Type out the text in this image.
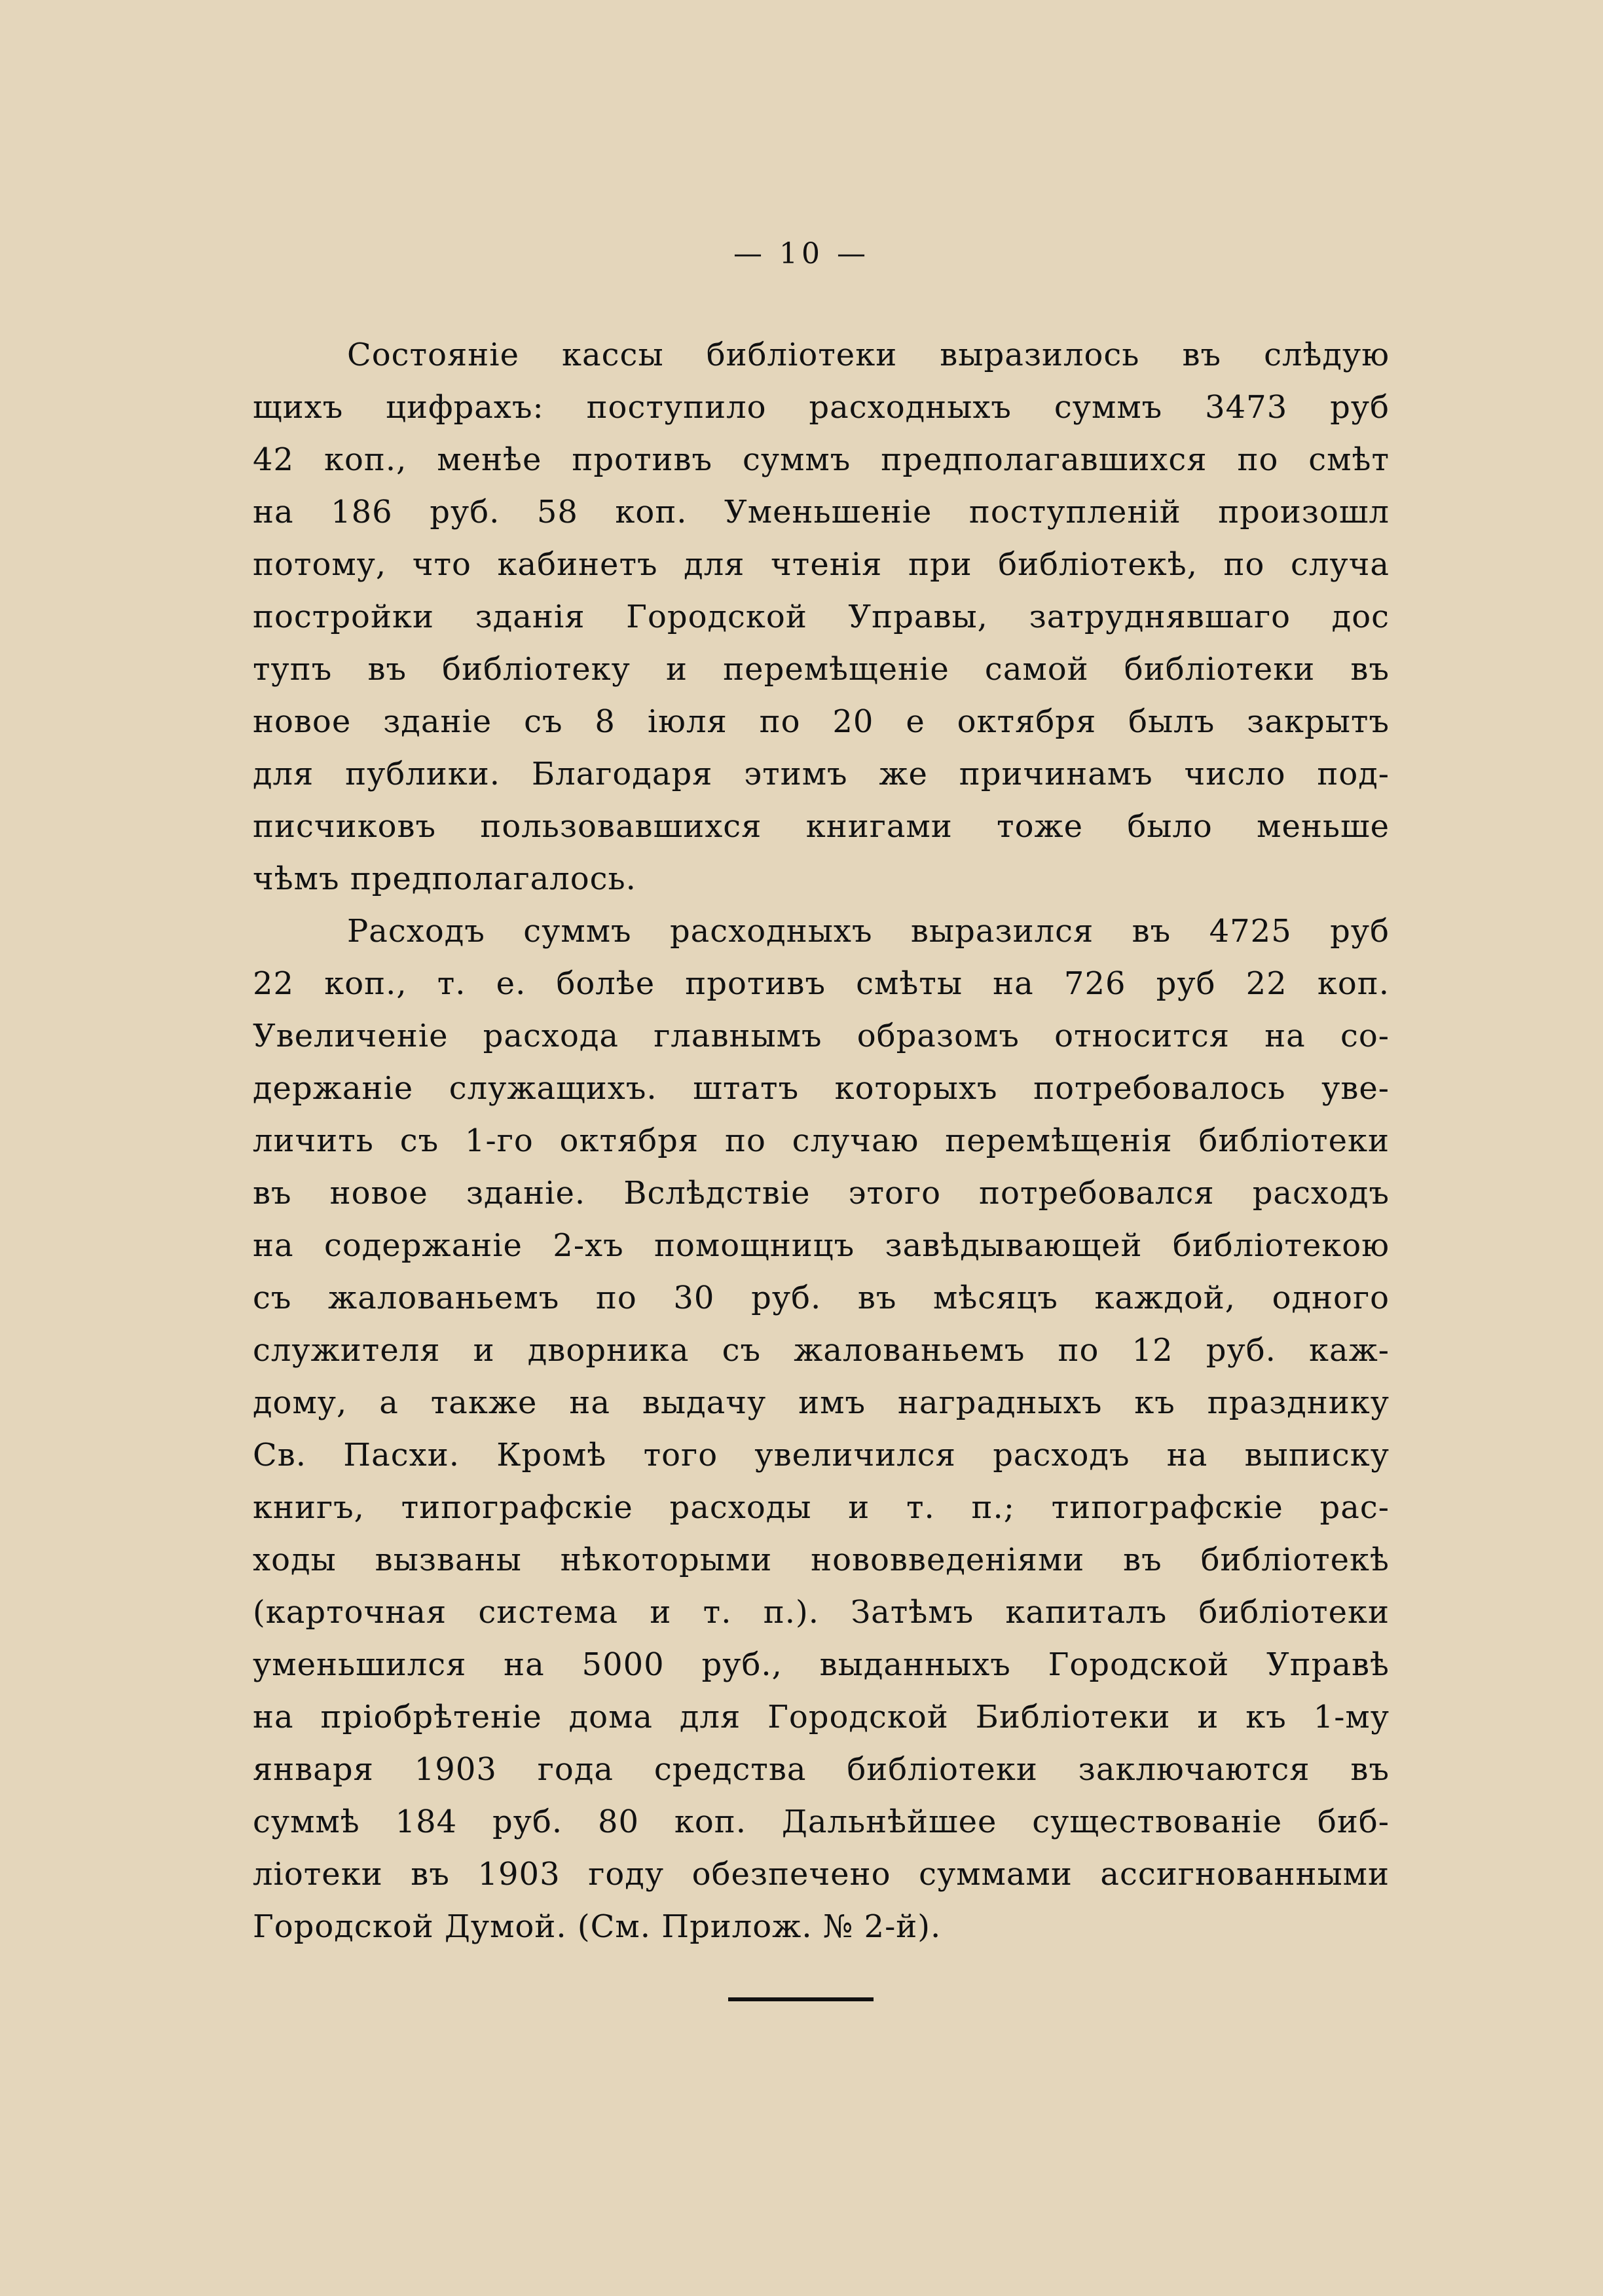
— 10 —
Состояніе кассы библіотеки выразилось въ слѣдую
щихъ цифрахъ: поступило расходныхъ суммъ 3473 руб
42 коп., менѣе противъ суммъ предполагавшихся по смѣт
на 186 руб. 58 коп. Уменьшеніе поступленій произошл
потому, что кабинетъ для чтенія при библіотекѣ, по случа
постройки зданія Городской Управы, затруднявшаго дос
тупъ въ библіотеку и перемѣщеніе самой библіотеки въ
новое зданіе съ 8 іюля по 20 е октября былъ закрытъ
для публики. Благодаря этимъ же причинамъ число под-
писчиковъ пользовавшихся книгами тоже было меньше
чѣмъ предполагалось.
Расходъ суммъ расходныхъ выразился въ 4725 руб
22 коп., т. е. болѣе противъ смѣты на 726 руб 22 коп.
Увеличеніе расхода главнымъ образомъ относится на со-
держаніе служащихъ. штатъ которыхъ потребовалось уве-
личить съ 1-го октября по случаю перемѣщенія библіотеки
въ новое зданіе. Вслѣдствіе этого потребовался расходъ
на содержаніе 2-хъ помощницъ завѣдывающей библіотекою
съ жалованьемъ по 30 руб. въ мѣсяцъ каждой, одного
служителя и дворника съ жалованьемъ по 12 руб. каж-
дому, а также на выдачу имъ наградныхъ къ празднику
Св. Пасхи. Кромѣ того увеличился расходъ на выписку
книгъ, типографскіе расходы и т. п.; типографскіе рас-
ходы вызваны нѣкоторыми нововведеніями въ библіотекѣ
(карточная система и т. п.). Затѣмъ капиталъ библіотеки
уменьшился на 5000 руб., выданныхъ Городской Управѣ
на пріобрѣтеніе дома для Городской Библіотеки и къ 1-му
января 1903 года средства библіотеки заключаются въ
суммѣ 184 руб. 80 коп. Дальнѣйшее существованіе биб-
ліотеки въ 1903 году обезпечено суммами ассигнованными
Городской Думой. (См. Прилож. № 2-й).
